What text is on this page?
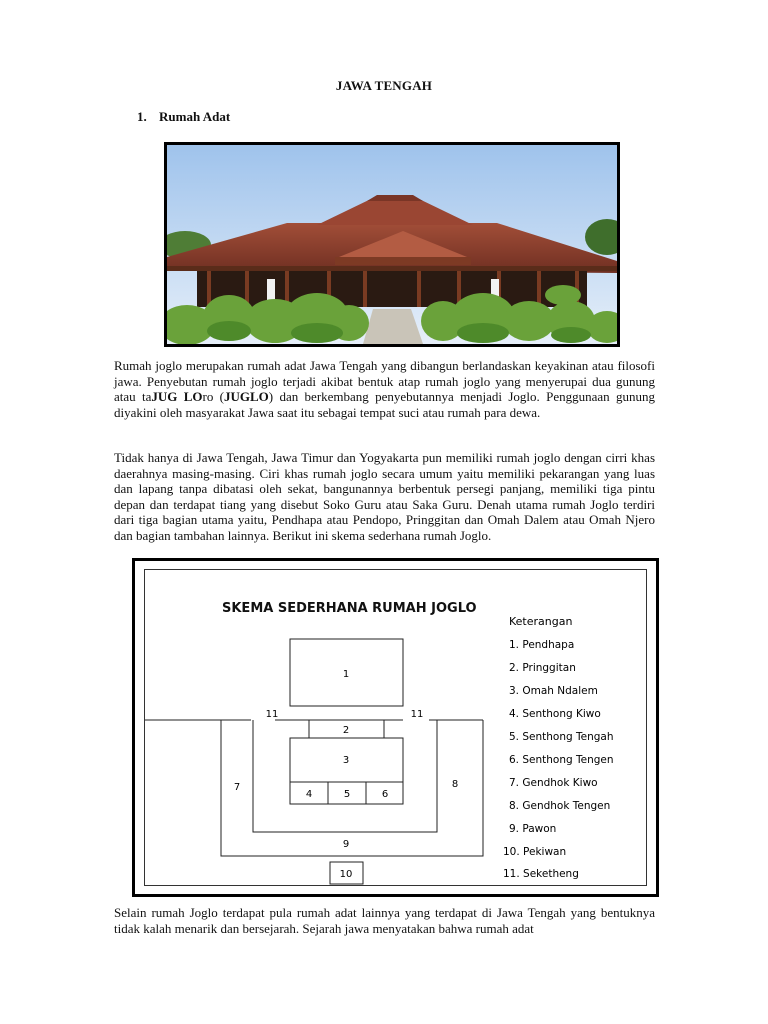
JAWA TENGAH
1. Rumah Adat
Rumah joglo merupakan rumah adat Jawa Tengah yang dibangun berlandaskan keyakinan atau filosofi jawa. Penyebutan rumah joglo terjadi akibat bentuk atap rumah joglo yang menyerupai dua gunung atau taJUG LOro (JUGLO) dan berkembang penyebutannya menjadi Joglo. Penggunaan gunung diyakini oleh masyarakat Jawa saat itu sebagai tempat suci atau rumah para dewa.
Tidak hanya di Jawa Tengah, Jawa Timur dan Yogyakarta pun memiliki rumah joglo dengan cirri khas daerahnya masing-masing. Ciri khas rumah joglo secara umum yaitu memiliki pekarangan yang luas dan lapang tanpa dibatasi oleh sekat, bangunannya berbentuk persegi panjang, memiliki tiga pintu depan dan terdapat tiang yang disebut Soko Guru atau Saka Guru. Denah utama rumah Joglo terdiri dari tiga bagian utama yaitu, Pendhapa atau Pendopo, Pringgitan dan Omah Dalem atau Omah Njero dan bagian tambahan lainnya. Berikut ini skema sederhana rumah Joglo.
SKEMA SEDERHANA RUMAH JOGLO
1
2
3
4	5	6
7	8
9
10
11	11
Keterangan
1. Pendhapa
2. Pringgitan
3. Omah Ndalem
4. Senthong Kiwo
5. Senthong Tengah
6. Senthong Tengen
7. Gendhok Kiwo
8. Gendhok Tengen
9. Pawon
10. Pekiwan
11. Seketheng
Selain rumah Joglo terdapat pula rumah adat lainnya yang terdapat di Jawa Tengah yang bentuknya tidak kalah menarik dan bersejarah. Sejarah jawa menyatakan bahwa rumah adat
